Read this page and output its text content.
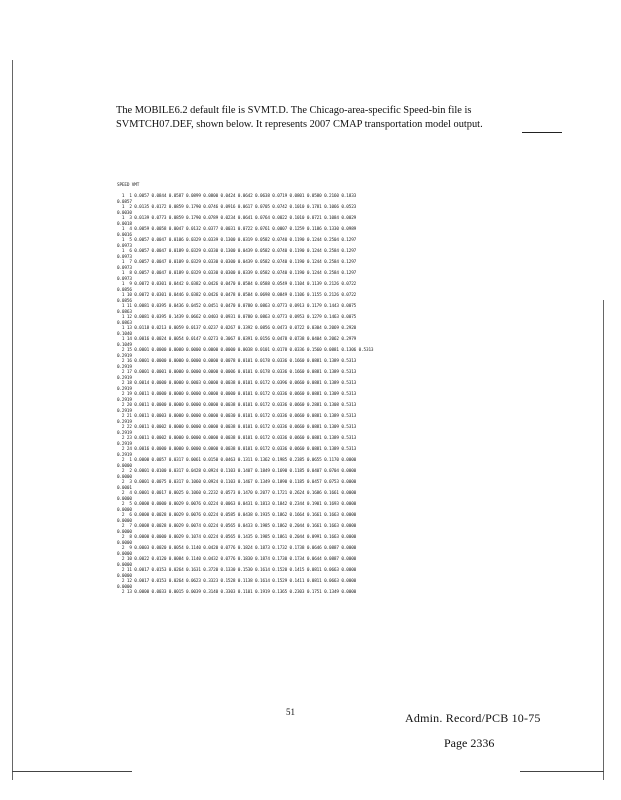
The MOBILE6.2 default file is SVMT.D. The Chicago-area-specific Speed-bin file is
SVMTCH07.DEF, shown below. It represents 2007 CMAP transportation model output.

SPEED VMT

1  1 0.0057 0.0844 0.0587 0.0899 0.0800 0.0424 0.0642 0.0638 0.0719 0.0801 0.0580 0.2160 0.1833
0.0857
1  2 0.0135 0.0172 0.0859 0.1790 0.0746 0.0916 0.0617 0.0705 0.0742 0.1010 0.1781 0.1066 0.0523
0.0030
1  3 0.0139 0.0773 0.0859 0.1790 0.0789 0.0234 0.0641 0.0764 0.0022 0.1010 0.0721 0.1084 0.0029
0.0018
1  4 0.0059 0.0058 0.0047 0.0132 0.0377 0.0031 0.0722 0.0761 0.0007 0.1259 0.1186 0.1330 0.0989
0.0016
1  5 0.0057 0.0047 0.0106 0.0329 0.0339 0.1300 0.0319 0.0582 0.0740 0.1190 0.1244 0.2504 0.1297
0.0973
1  6 0.0057 0.0047 0.0189 0.0329 0.0330 0.1300 0.0439 0.0582 0.0740 0.1190 0.1244 0.2584 0.1297
0.0973
1  7 0.0057 0.0047 0.0109 0.0329 0.0330 0.0300 0.0439 0.0582 0.0740 0.1190 0.1244 0.2584 0.1297
0.0973
1  8 0.0057 0.0047 0.0189 0.0329 0.0330 0.0300 0.0339 0.0582 0.0740 0.1190 0.1244 0.2584 0.1297
0.0973
1  9 0.0072 0.0301 0.0442 0.0382 0.0426 0.0470 0.0584 0.0588 0.0549 0.1104 0.1139 0.2126 0.0722
0.0856
1 10 0.0072 0.0301 0.0446 0.0382 0.0426 0.0478 0.0584 0.0698 0.0849 0.1106 0.1155 0.2126 0.0722
0.0856
1 11 0.0081 0.0395 0.0436 0.0452 0.0451 0.0470 0.0780 0.0863 0.0773 0.0913 0.1179 0.1443 0.0075
0.0863
1 12 0.0081 0.0395 0.1439 0.0662 0.0403 0.0931 0.0780 0.0863 0.0773 0.0953 0.1279 0.1463 0.0075
0.0863
1 13 0.0118 0.0213 0.0059 0.0137 0.0237 0.0267 0.3392 0.0856 0.0473 0.0722 0.0304 0.2069 0.2920
0.1040
1 14 0.0016 0.0024 0.0054 0.0147 0.0273 0.3067 0.0391 0.0156 0.0478 0.0738 0.0404 0.2062 0.2979
0.1049
2 15 0.0001 0.0000 0.0000 0.0000 0.0000 0.0000 0.0038 0.0101 0.0178 0.0336 0.1560 0.0881 0.1306 0.5313
0.2919
2 16 0.0001 0.0000 0.0000 0.0000 0.0000 0.0078 0.0101 0.0178 0.0336 0.1660 0.0881 0.1389 0.5313
0.2919
2 17 0.0001 0.0001 0.0000 0.0000 0.0000 0.0006 0.0101 0.0178 0.0336 0.1660 0.0881 0.1389 0.5313
0.2919
2 18 0.0014 0.0000 0.0000 0.0003 0.0000 0.0038 0.0101 0.0172 0.0396 0.0660 0.0881 0.1389 0.5313
0.2919
2 19 0.0011 0.0000 0.0000 0.0000 0.0000 0.0000 0.0101 0.0172 0.0336 0.0660 0.0881 0.1309 0.5313
0.2919
2 20 0.0011 0.0000 0.0000 0.0000 0.0000 0.0038 0.0101 0.0172 0.0336 0.0660 0.2881 0.1308 0.5313
0.2919
2 21 0.0011 0.0003 0.0000 0.0000 0.0000 0.0030 0.0101 0.0172 0.0336 0.0660 0.0881 0.1389 0.5313
0.2919
2 22 0.0011 0.0002 0.0000 0.0000 0.0000 0.0038 0.0101 0.0172 0.0336 0.0660 0.0881 0.1309 0.5313
0.2919
2 23 0.0011 0.0002 0.0000 0.0000 0.0000 0.0038 0.0101 0.0172 0.0336 0.0660 0.0881 0.1389 0.5313
0.2919
2 24 0.0016 0.0000 0.0000 0.0000 0.0000 0.0038 0.0101 0.0172 0.0336 0.0660 0.0881 0.1389 0.5313
0.2919
2  1 0.0000 0.0057 0.0317 0.0061 0.0150 0.0463 0.1311 0.1362 0.1985 0.2385 0.0655 0.1170 0.0000
0.0000
2  2 0.0001 0.0100 0.0317 0.0428 0.0924 0.1103 0.1407 0.1849 0.1690 0.1185 0.0407 0.0704 0.0000
0.0000
2  3 0.0001 0.0075 0.0317 0.1060 0.0924 0.1103 0.1467 0.1349 0.1890 0.1185 0.0457 0.0753 0.0000
0.0001
2  4 0.0001 0.0017 0.0025 0.1060 0.2232 0.0573 0.1470 0.2077 0.1721 0.2624 0.1686 0.1661 0.0000
0.0000
2  5 0.0000 0.0000 0.0029 0.0076 0.0224 0.0063 0.0431 0.1813 0.1842 0.2344 0.1901 0.1693 0.0000
0.0000
2  6 0.0000 0.0028 0.0029 0.0076 0.0224 0.0585 0.0438 0.1935 0.1862 0.1664 0.1661 0.1663 0.0000
0.0000
2  7 0.0008 0.0028 0.0029 0.0074 0.0224 0.0565 0.0433 0.1985 0.1862 0.2044 0.1661 0.1663 0.0000
0.0000
2  8 0.0000 0.0000 0.0029 0.1074 0.0224 0.0565 0.1435 0.1985 0.1861 0.2044 0.0991 0.1663 0.0000
0.0000
2  9 0.0003 0.0020 0.0054 0.1140 0.0420 0.0776 0.1824 0.1873 0.1732 0.1738 0.0646 0.0887 0.0000
0.0000
2 10 0.0022 0.0120 0.0084 0.1140 0.0432 0.0776 0.1830 0.1874 0.1730 0.1734 0.0644 0.0887 0.0000
0.0000
2 11 0.0017 0.0153 0.0264 0.1631 0.3720 0.1330 0.1530 0.1614 0.1520 0.1415 0.0811 0.0663 0.0000
0.0000
2 12 0.0017 0.0153 0.0264 0.0623 0.3323 0.1528 0.1138 0.1614 0.1529 0.1411 0.0811 0.0663 0.0000
0.0000
2 13 0.0000 0.0033 0.0015 0.0039 0.3140 0.3303 0.1101 0.1919 0.1365 0.2303 0.1751 0.1349 0.0000
51	Admin. Record/PCB 10-75
Page 2336
